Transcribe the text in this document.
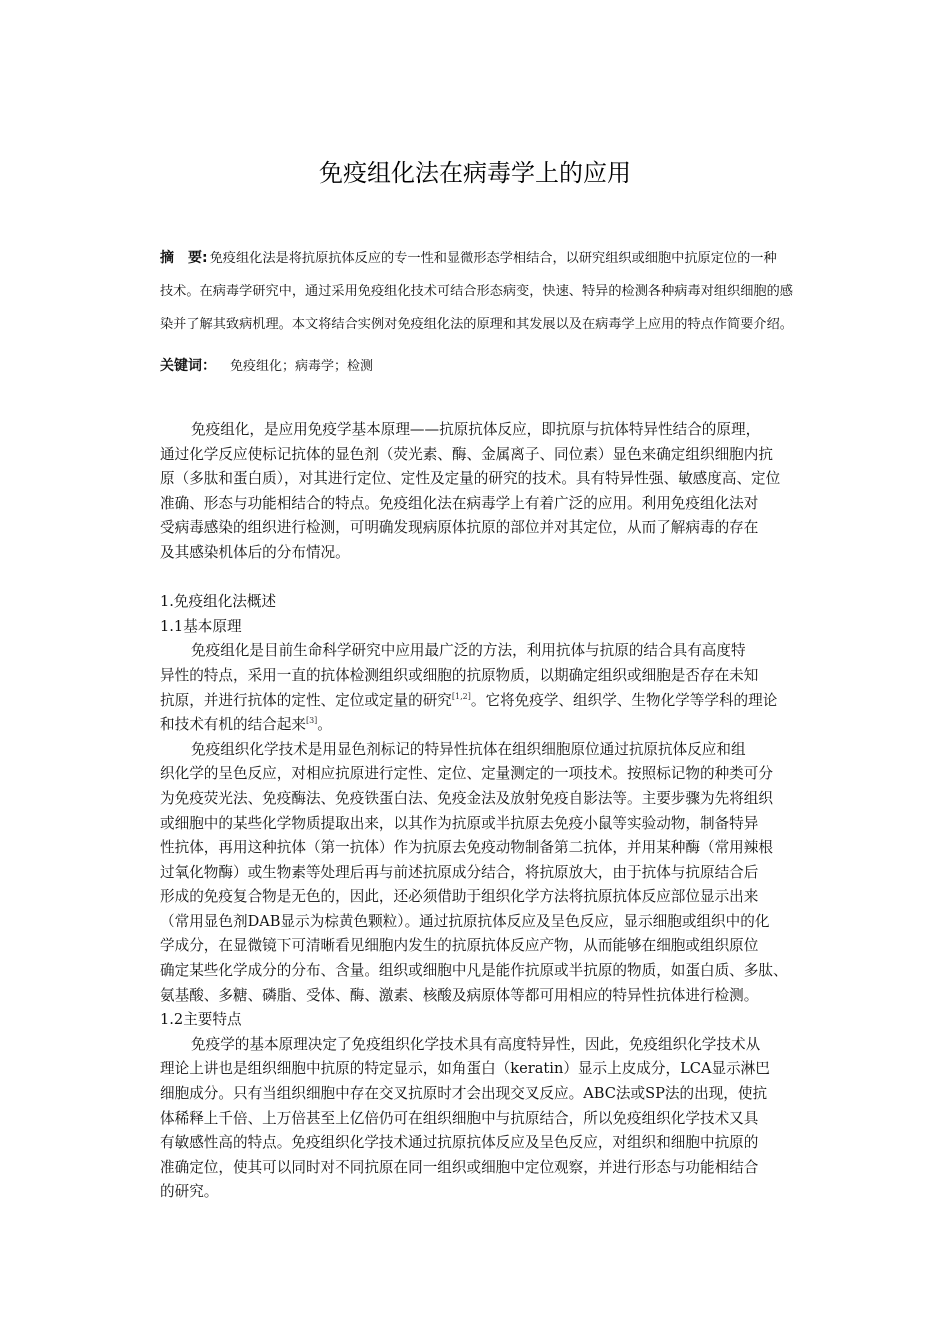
免疫组化法在病毒学上的应用
摘　要: 免疫组化法是将抗原抗体反应的专一性和显微形态学相结合，以研究组织或细胞中抗原定位的一种
技术。在病毒学研究中，通过采用免疫组化技术可结合形态病变，快速、特异的检测各种病毒对组织细胞的感
染并了解其致病机理。本文将结合实例对免疫组化法的原理和其发展以及在病毒学上应用的特点作简要介绍。
关键词： 免疫组化；病毒学；检测
免疫组化，是应用免疫学基本原理——抗原抗体反应，即抗原与抗体特异性结合的原理，
通过化学反应使标记抗体的显色剂（荧光素、酶、金属离子、同位素）显色来确定组织细胞内抗
原（多肽和蛋白质），对其进行定位、定性及定量的研究的技术。具有特异性强、敏感度高、定位
准确、形态与功能相结合的特点。免疫组化法在病毒学上有着广泛的应用。利用免疫组化法对
受病毒感染的组织进行检测，可明确发现病原体抗原的部位并对其定位，从而了解病毒的存在
及其感染机体后的分布情况。
1.免疫组化法概述
1.1基本原理
免疫组化是目前生命科学研究中应用最广泛的方法，利用抗体与抗原的结合具有高度特
异性的特点，采用一直的抗体检测组织或细胞的抗原物质，以期确定组织或细胞是否存在未知
抗原，并进行抗体的定性、定位或定量的研究[1,2]。它将免疫学、组织学、生物化学等学科的理论
和技术有机的结合起来[3]。
免疫组织化学技术是用显色剂标记的特异性抗体在组织细胞原位通过抗原抗体反应和组
织化学的呈色反应，对相应抗原进行定性、定位、定量测定的一项技术。按照标记物的种类可分
为免疫荧光法、免疫酶法、免疫铁蛋白法、免疫金法及放射免疫自影法等。主要步骤为先将组织
或细胞中的某些化学物质提取出来，以其作为抗原或半抗原去免疫小鼠等实验动物，制备特异
性抗体，再用这种抗体（第一抗体）作为抗原去免疫动物制备第二抗体，并用某种酶（常用辣根
过氧化物酶）或生物素等处理后再与前述抗原成分结合，将抗原放大，由于抗体与抗原结合后
形成的免疫复合物是无色的，因此，还必须借助于组织化学方法将抗原抗体反应部位显示出来
（常用显色剂DAB显示为棕黄色颗粒）。通过抗原抗体反应及呈色反应，显示细胞或组织中的化
学成分，在显微镜下可清晰看见细胞内发生的抗原抗体反应产物，从而能够在细胞或组织原位
确定某些化学成分的分布、含量。组织或细胞中凡是能作抗原或半抗原的物质，如蛋白质、多肽、
氨基酸、多糖、磷脂、受体、酶、激素、核酸及病原体等都可用相应的特异性抗体进行检测。
1.2主要特点
免疫学的基本原理决定了免疫组织化学技术具有高度特异性，因此，免疫组织化学技术从
理论上讲也是组织细胞中抗原的特定显示，如角蛋白（keratin）显示上皮成分，LCA显示淋巴
细胞成分。只有当组织细胞中存在交叉抗原时才会出现交叉反应。ABC法或SP法的出现，使抗
体稀释上千倍、上万倍甚至上亿倍仍可在组织细胞中与抗原结合，所以免疫组织化学技术又具
有敏感性高的特点。免疫组织化学技术通过抗原抗体反应及呈色反应，对组织和细胞中抗原的
准确定位，使其可以同时对不同抗原在同一组织或细胞中定位观察，并进行形态与功能相结合
的研究。
